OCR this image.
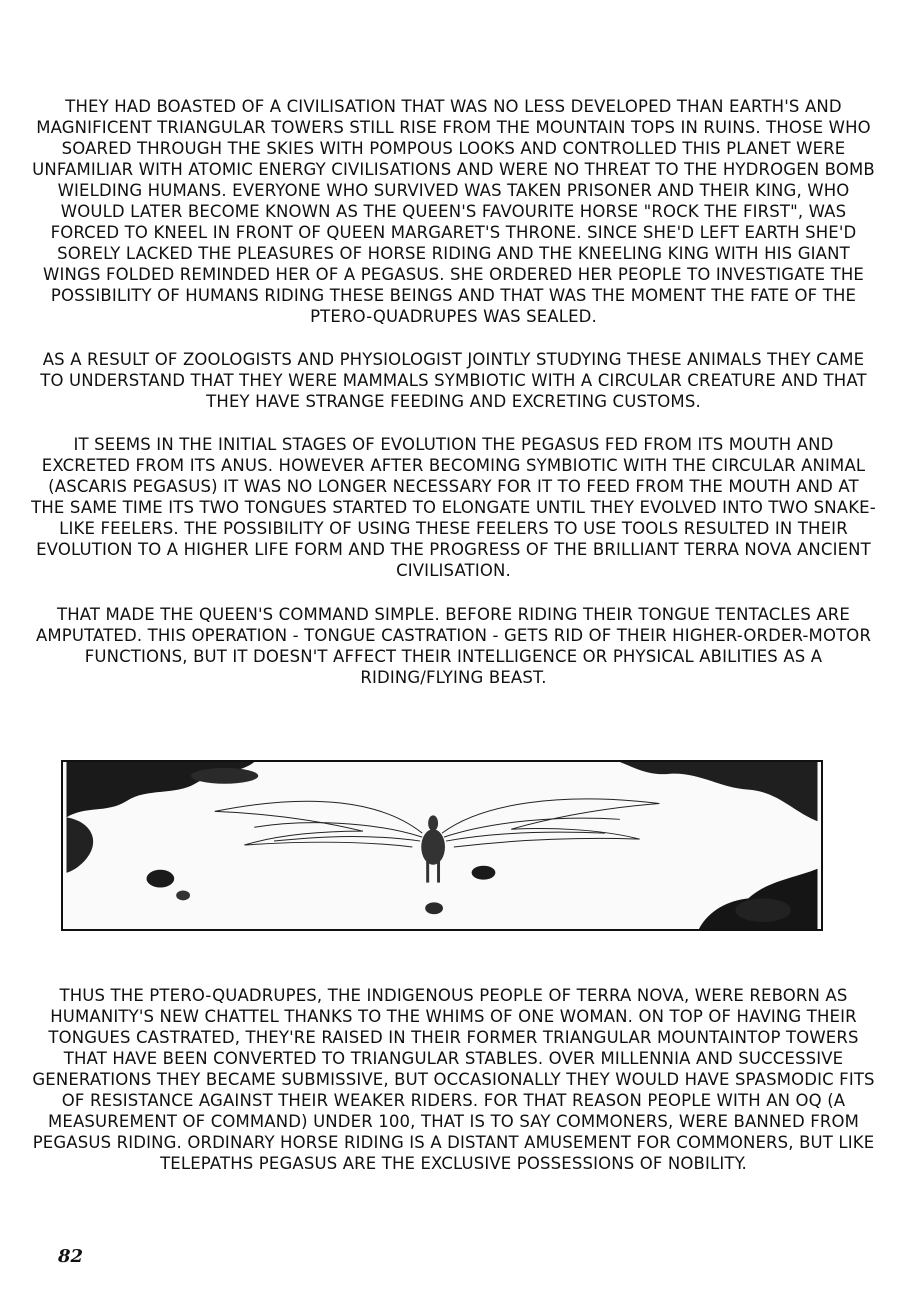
THEY HAD BOASTED OF A CIVILISATION THAT WAS NO LESS DEVELOPED THAN EARTH'S AND MAGNIFICENT TRIANGULAR TOWERS STILL RISE FROM THE MOUNTAIN TOPS IN RUINS. THOSE WHO SOARED THROUGH THE SKIES WITH POMPOUS LOOKS AND CONTROLLED THIS PLANET WERE UNFAMILIAR WITH ATOMIC ENERGY CIVILISATIONS AND WERE NO THREAT TO THE HYDROGEN BOMB WIELDING HUMANS. EVERYONE WHO SURVIVED WAS TAKEN PRISONER AND THEIR KING, WHO WOULD LATER BECOME KNOWN AS THE QUEEN'S FAVOURITE HORSE "ROCK THE FIRST", WAS FORCED TO KNEEL IN FRONT OF QUEEN MARGARET'S THRONE. SINCE SHE'D LEFT EARTH SHE'D SORELY LACKED THE PLEASURES OF HORSE RIDING AND THE KNEELING KING WITH HIS GIANT WINGS FOLDED REMINDED HER OF A PEGASUS. SHE ORDERED HER PEOPLE TO INVESTIGATE THE POSSIBILITY OF HUMANS RIDING THESE BEINGS AND THAT WAS THE MOMENT THE FATE OF THE PTERO-QUADRUPES WAS SEALED.

AS A RESULT OF ZOOLOGISTS AND PHYSIOLOGIST JOINTLY STUDYING THESE ANIMALS THEY CAME TO UNDERSTAND THAT THEY WERE MAMMALS SYMBIOTIC WITH A CIRCULAR CREATURE AND THAT THEY HAVE STRANGE FEEDING AND EXCRETING CUSTOMS.

IT SEEMS IN THE INITIAL STAGES OF EVOLUTION THE PEGASUS FED FROM ITS MOUTH AND EXCRETED FROM ITS ANUS. HOWEVER AFTER BECOMING SYMBIOTIC WITH THE CIRCULAR ANIMAL (ASCARIS PEGASUS) IT WAS NO LONGER NECESSARY FOR IT TO FEED FROM THE MOUTH AND AT THE SAME TIME ITS TWO TONGUES STARTED TO ELONGATE UNTIL THEY EVOLVED INTO TWO SNAKE-LIKE FEELERS. THE POSSIBILITY OF USING THESE FEELERS TO USE TOOLS RESULTED IN THEIR EVOLUTION TO A HIGHER LIFE FORM AND THE PROGRESS OF THE BRILLIANT TERRA NOVA ANCIENT CIVILISATION.

THAT MADE THE QUEEN'S COMMAND SIMPLE. BEFORE RIDING THEIR TONGUE TENTACLES ARE AMPUTATED. THIS OPERATION - TONGUE CASTRATION - GETS RID OF THEIR HIGHER-ORDER-MOTOR FUNCTIONS, BUT IT DOESN'T AFFECT THEIR INTELLIGENCE OR PHYSICAL ABILITIES AS A RIDING/FLYING BEAST.

THUS THE PTERO-QUADRUPES, THE INDIGENOUS PEOPLE OF TERRA NOVA, WERE REBORN AS HUMANITY'S NEW CHATTEL THANKS TO THE WHIMS OF ONE WOMAN. ON TOP OF HAVING THEIR TONGUES CASTRATED, THEY'RE RAISED IN THEIR FORMER TRIANGULAR MOUNTAINTOP TOWERS THAT HAVE BEEN CONVERTED TO TRIANGULAR STABLES. OVER MILLENNIA AND SUCCESSIVE GENERATIONS THEY BECAME SUBMISSIVE, BUT OCCASIONALLY THEY WOULD HAVE SPASMODIC FITS OF RESISTANCE AGAINST THEIR WEAKER RIDERS. FOR THAT REASON PEOPLE WITH AN OQ (A MEASUREMENT OF COMMAND) UNDER 100, THAT IS TO SAY COMMONERS, WERE BANNED FROM PEGASUS RIDING. ORDINARY HORSE RIDING IS A DISTANT AMUSEMENT FOR COMMONERS, BUT LIKE TELEPATHS PEGASUS ARE THE EXCLUSIVE POSSESSIONS OF NOBILITY.

82
